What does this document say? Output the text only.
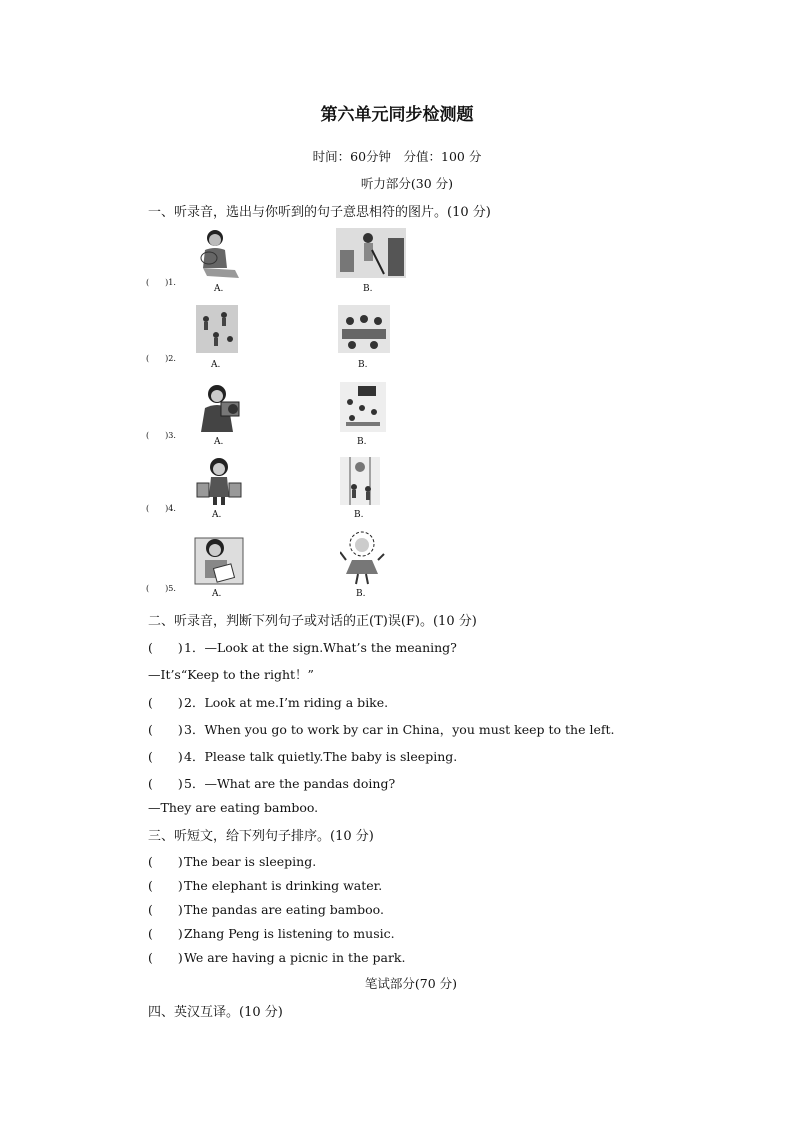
第六单元同步检测题
时间：60分钟　分值：100 分
听力部分(30 分)
一、听录音，选出与你听到的句子意思相符的图片。(10 分)
(　　)1.
A.	B.
(　　)2.
A.	B.
(　　)3.
A.	B.
(　　)4.
A.	B.
(　　)5.
A.	B.
二、听录音，判断下列句子或对话的正(T)误(F)。(10 分)
(　　)1．—Look at the sign.What’s the meaning?
—It’s“Keep to the right！”
(　　)2．Look at me.I’m riding a bike.
(　　)3．When you go to work by car in China，you must keep to the left.
(　　)4．Please talk quietly.The baby is sleeping.
(　　)5．—What are the pandas doing?
—They are eating bamboo.
三、听短文，给下列句子排序。(10 分)
(　　)The bear is sleeping.
(　　)The elephant is drinking water.
(　　)The pandas are eating bamboo.
(　　)Zhang Peng is listening to music.
(　　)We are having a picnic in the park.
笔试部分(70 分)
四、英汉互译。(10 分)
